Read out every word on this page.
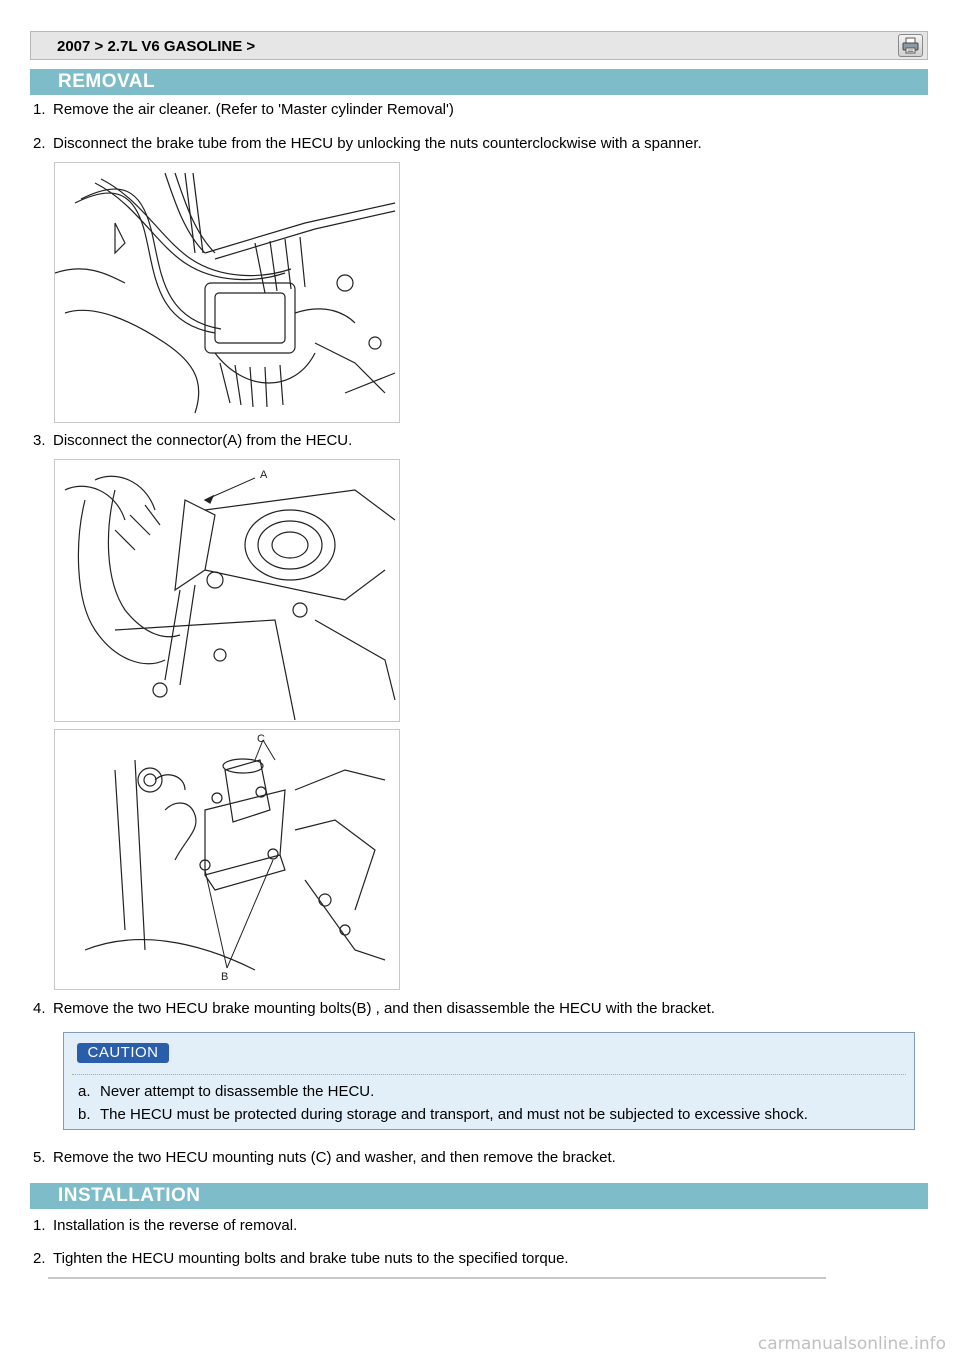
2007 > 2.7L V6 GASOLINE >
REMOVAL
1. Remove the air cleaner. (Refer to 'Master cylinder Removal')
2. Disconnect the brake tube from the HECU by unlocking the nuts counterclockwise with a spanner.
3. Disconnect the connector(A) from the HECU.
A
C
B
4. Remove the two HECU brake mounting bolts(B) , and then disassemble the HECU with the bracket.
CAUTION
a. Never attempt to disassemble the HECU.
b. The HECU must be protected during storage and transport, and must not be subjected to excessive shock.
5. Remove the two HECU mounting nuts (C) and washer, and then remove the bracket.
INSTALLATION
1. Installation is the reverse of removal.
2. Tighten the HECU mounting bolts and brake tube nuts to the specified torque.
carmanualsonline.info
